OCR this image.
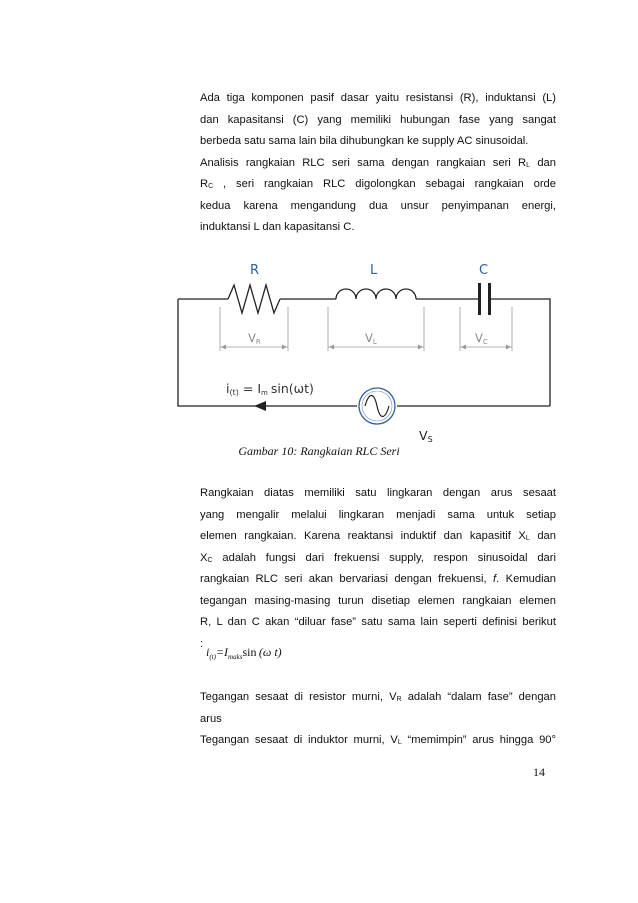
Ada tiga komponen pasif dasar yaitu resistansi (R), induktansi (L)
dan kapasitansi (C) yang memiliki hubungan fase yang sangat
berbeda satu sama lain bila dihubungkan ke supply AC sinusoidal.
Analisis rangkaian RLC seri sama dengan rangkaian seri $R_L$ dan
$R_C$ , seri rangkaian RLC digolongkan sebagai rangkaian orde
kedua karena mengandung dua unsur penyimpanan energi,
induktansi L dan kapasitansi C.
R	L	C
VR	VL	VC
i(t) = Im sin(ωt)
VS
Gambar 10: Rangkaian RLC Seri
Rangkaian diatas memiliki satu lingkaran dengan arus sesaat
yang mengalir melalui lingkaran menjadi sama untuk setiap
elemen rangkaian. Karena reaktansi induktif dan kapasitif $X_L$ dan
$X_C$ adalah fungsi dari frekuensi supply, respon sinusoidal dari
rangkaian RLC seri akan bervariasi dengan frekuensi, f. Kemudian
tegangan masing-masing turun disetiap elemen rangkaian elemen
R, L dan C akan “diluar fase” satu sama lain seperti definisi berikut
:
$i_{(t)}=I_{maks}\sin$  (ω t)
Tegangan sesaat di resistor murni, $V_R$ adalah “dalam fase” dengan
arus
Tegangan sesaat di induktor murni, $V_L$ “memimpin” arus hingga 90°
14
